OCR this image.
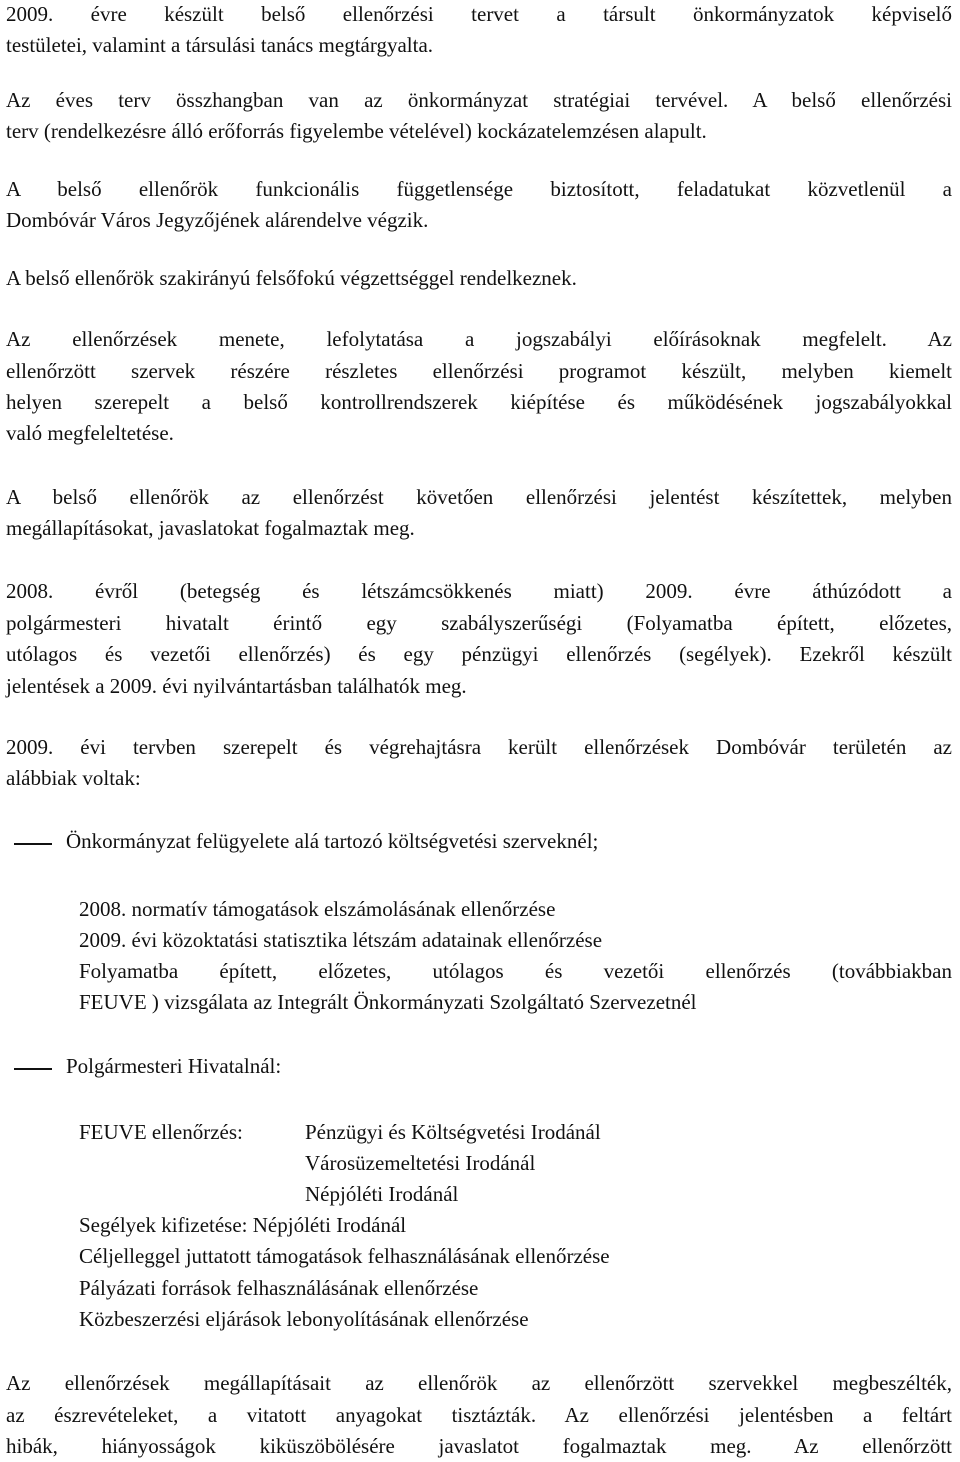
2009. évre készült belső ellenőrzési tervet a társult önkormányzatok képviselő
testületei, valamint a társulási tanács megtárgyalta.
Az éves terv összhangban van az önkormányzat stratégiai tervével. A belső ellenőrzési
terv (rendelkezésre álló erőforrás figyelembe vételével) kockázatelemzésen alapult.
A belső ellenőrök funkcionális függetlensége biztosított, feladatukat közvetlenül a
Dombóvár Város Jegyzőjének alárendelve végzik.
A belső ellenőrök szakirányú felsőfokú végzettséggel rendelkeznek.
Az ellenőrzések menete, lefolytatása a jogszabályi előírásoknak megfelelt. Az
ellenőrzött szervek részére részletes ellenőrzési programot készült, melyben kiemelt
helyen szerepelt a belső kontrollrendszerek kiépítése és működésének jogszabályokkal
való megfeleltetése.
A belső ellenőrök az ellenőrzést követően ellenőrzési jelentést készítettek, melyben
megállapításokat, javaslatokat fogalmaztak meg.
2008. évről (betegség és létszámcsökkenés miatt) 2009. évre áthúzódott a
polgármesteri hivatalt érintő egy szabályszerűségi (Folyamatba épített, előzetes,
utólagos és vezetői ellenőrzés) és egy pénzügyi ellenőrzés (segélyek). Ezekről készült
jelentések a 2009. évi nyilvántartásban találhatók meg.
2009. évi tervben szerepelt és végrehajtásra került ellenőrzések Dombóvár területén az
alábbiak voltak:
Önkormányzat felügyelete alá tartozó költségvetési szerveknél;
2008. normatív támogatások elszámolásának ellenőrzése
2009. évi közoktatási statisztika létszám adatainak ellenőrzése
Folyamatba épített, előzetes, utólagos és vezetői ellenőrzés (továbbiakban
FEUVE ) vizsgálata az Integrált Önkormányzati Szolgáltató Szervezetnél
Polgármesteri Hivatalnál:
FEUVE ellenőrzés:	Pénzügyi és Költségvetési Irodánál
Városüzemeltetési Irodánál
Népjóléti Irodánál
Segélyek kifizetése: Népjóléti Irodánál
Céljelleggel juttatott támogatások felhasználásának ellenőrzése
Pályázati források felhasználásának ellenőrzése
Közbeszerzési eljárások lebonyolításának ellenőrzése
Az ellenőrzések megállapításait az ellenőrök az ellenőrzött szervekkel megbeszélték,
az észrevételeket, a vitatott anyagokat tisztázták. Az ellenőrzési jelentésben a feltárt
hibák, hiányosságok kiküszöbölésére javaslatot fogalmaztak meg. Az ellenőrzött
